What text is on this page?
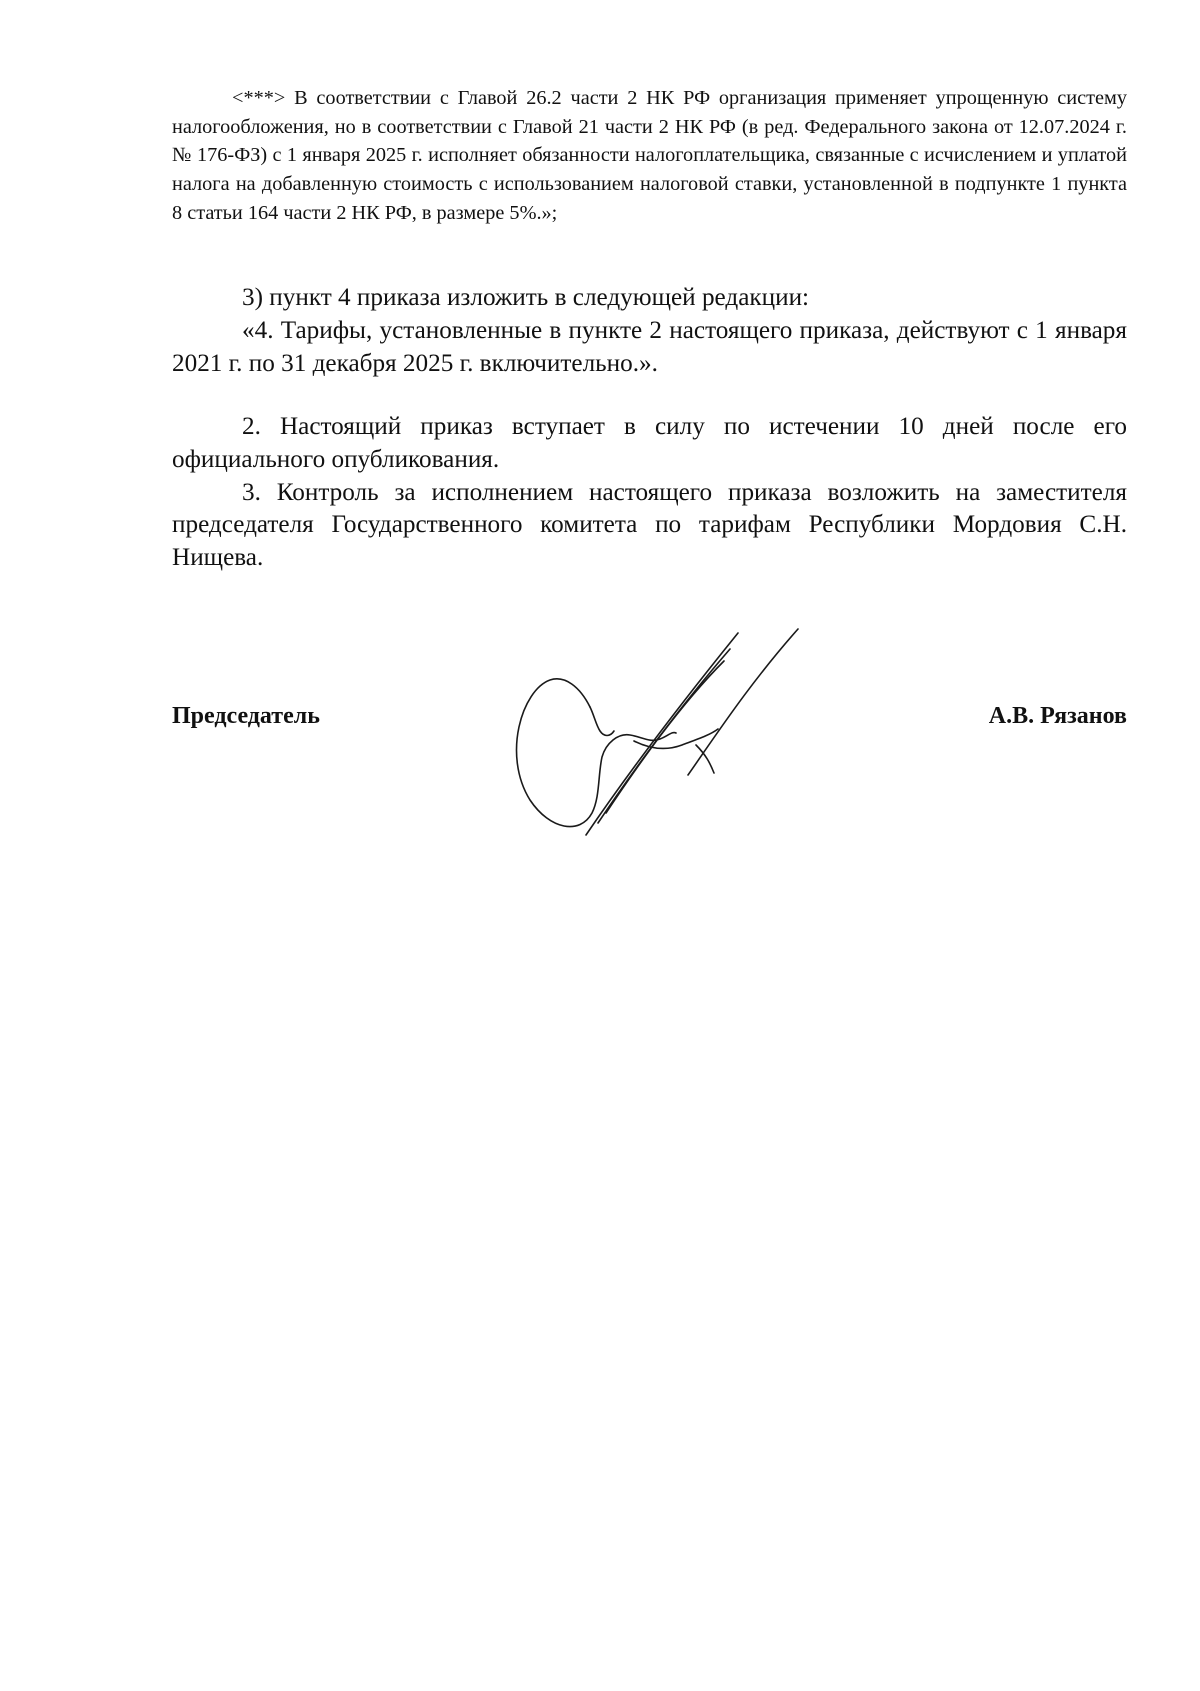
<***> В соответствии с Главой 26.2 части 2 НК РФ организация применяет упрощенную систему налогообложения, но в соответствии с Главой 21 части 2 НК РФ (в ред. Федерального закона от 12.07.2024 г. № 176-ФЗ) с 1 января 2025 г. исполняет обязанности налогоплательщика, связанные с исчислением и уплатой налога на добавленную стоимость с использованием налоговой ставки, установленной в подпункте 1 пункта 8 статьи 164 части 2 НК РФ, в размере 5%.»;

3) пункт 4 приказа изложить в следующей редакции:

«4. Тарифы, установленные в пункте 2 настоящего приказа, действуют с 1 января 2021 г. по 31 декабря 2025 г. включительно.».

2. Настоящий приказ вступает в силу по истечении 10 дней после его официального опубликования.

3. Контроль за исполнением настоящего приказа возложить на заместителя председателя Государственного комитета по тарифам Республики Мордовия С.Н. Нищева.

Председатель	А.В. Рязанов
